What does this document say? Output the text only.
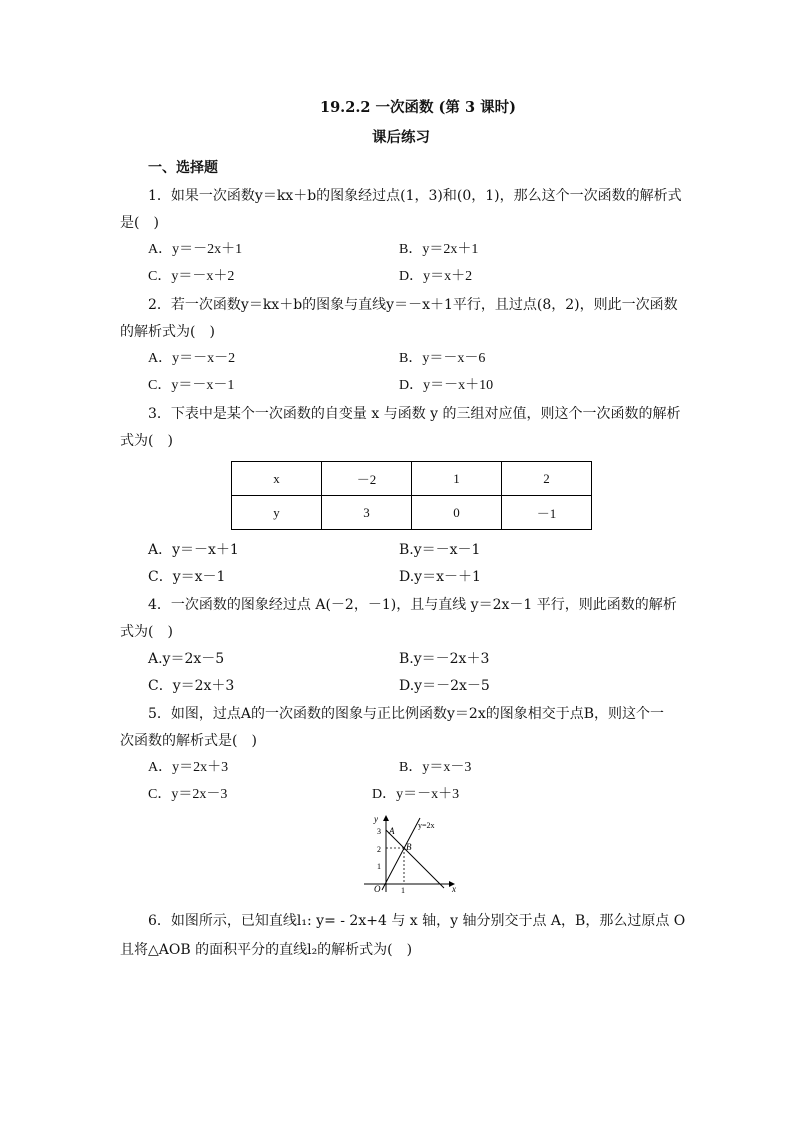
19.2.2 一次函数 (第 3 课时)
课后练习
一、选择题
1．如果一次函数y＝kx＋b的图象经过点(1，3)和(0，1)，那么这个一次函数的解析式
是(　)
A．y＝－2x＋1	B．y＝2x＋1
C．y＝－x＋2	D．y＝x＋2
2．若一次函数y＝kx＋b的图象与直线y＝－x＋1平行，且过点(8，2)，则此一次函数
的解析式为(　)
A．y＝－x－2	B．y＝－x－6
C．y＝－x－1	D．y＝－x＋10
3．下表中是某个一次函数的自变量 x 与函数 y 的三组对应值，则这个一次函数的解析
式为(　)
x	－2	1	2
y	3	0	－1
A．y＝－x＋1	B.y＝－x－1
C．y＝x－1	D.y＝x－＋1
4．一次函数的图象经过点 A(－2，－1)，且与直线 y＝2x－1 平行，则此函数的解析
式为(　)
A.y＝2x－5	B.y＝－2x＋3
C．y＝2x＋3	D.y＝－2x－5
5．如图，过点A的一次函数的图象与正比例函数y＝2x的图象相交于点B，则这个一
次函数的解析式是(　)
A．y＝2x＋3	B．y＝x－3
C．y＝2x－3	D．y＝－x＋3
y
x
O
A
B
y=2x
3
2
1
1
6．如图所示，已知直线l₁: y= - 2x+4 与 x 轴，y 轴分别交于点 A，B，那么过原点 O
且将△AOB 的面积平分的直线l₂的解析式为(　)
